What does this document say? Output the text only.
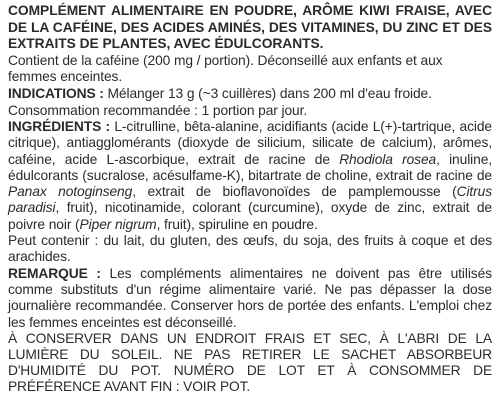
COMPLÉMENT ALIMENTAIRE EN POUDRE, ARÔME KIWI FRAISE, AVEC DE LA CAFÉINE, DES ACIDES AMINÉS, DES VITAMINES, DU ZINC ET DES EXTRAITS DE PLANTES, AVEC ÉDULCORANTS.

Contient de la caféine (200 mg / portion). Déconseillé aux enfants et aux femmes enceintes.

INDICATIONS : Mélanger 13 g (~3 cuillères) dans 200 ml d'eau froide.

Consommation recommandée : 1 portion par jour.

INGRÉDIENTS : L-citrulline, bêta-alanine, acidifiants (acide L(+)-tartrique, acide citrique), antiagglomérants (dioxyde de silicium, silicate de calcium), arômes, caféine, acide L-ascorbique, extrait de racine de Rhodiola rosea, inuline, édulcorants (sucralose, acésulfame-K), bitartrate de choline, extrait de racine de Panax notoginseng, extrait de bioflavonoïdes de pamplemousse (Citrus paradisi, fruit), nicotinamide, colorant (curcumine), oxyde de zinc, extrait de poivre noir (Piper nigrum, fruit), spiruline en poudre.

Peut contenir : du lait, du gluten, des œufs, du soja, des fruits à coque et des arachides.

REMARQUE : Les compléments alimentaires ne doivent pas être utilisés comme substituts d'un régime alimentaire varié. Ne pas dépasser la dose journalière recommandée. Conserver hors de portée des enfants. L'emploi chez les femmes enceintes est déconseillé.

À CONSERVER DANS UN ENDROIT FRAIS ET SEC, À L'ABRI DE LA LUMIÈRE DU SOLEIL. NE PAS RETIRER LE SACHET ABSORBEUR D'HUMIDITÉ DU POT. NUMÉRO DE LOT ET À CONSOMMER DE PRÉFÉRENCE AVANT FIN : VOIR POT.
